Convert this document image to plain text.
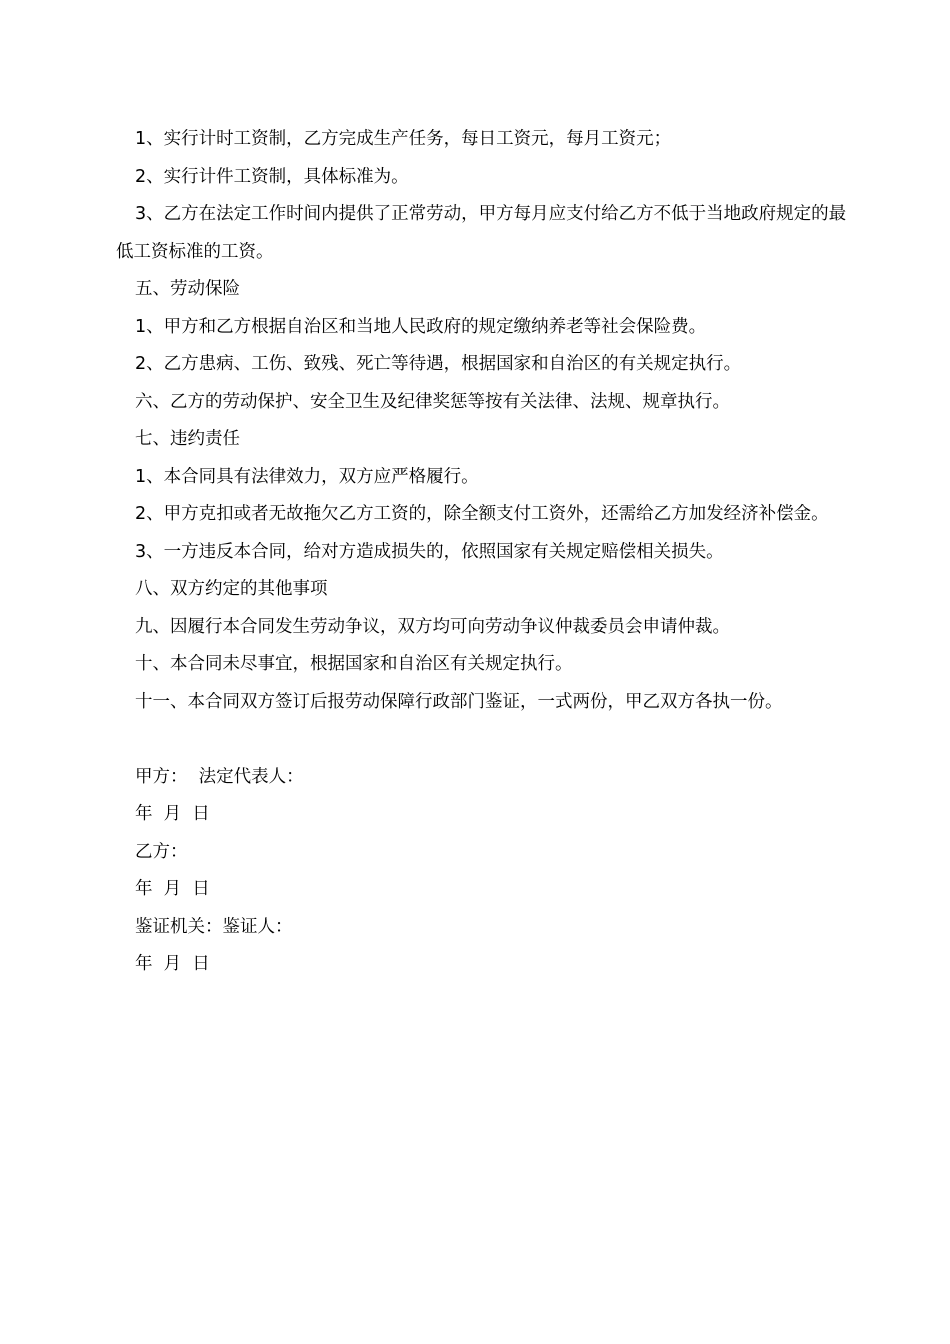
1、实行计时工资制，乙方完成生产任务，每日工资元，每月工资元；

2、实行计件工资制，具体标准为。

3、乙方在法定工作时间内提供了正常劳动，甲方每月应支付给乙方不低于当地政府规定的最低工资标准的工资。

五、劳动保险

1、甲方和乙方根据自治区和当地人民政府的规定缴纳养老等社会保险费。

2、乙方患病、工伤、致残、死亡等待遇，根据国家和自治区的有关规定执行。

六、乙方的劳动保护、安全卫生及纪律奖惩等按有关法律、法规、规章执行。

七、违约责任

1、本合同具有法律效力，双方应严格履行。

2、甲方克扣或者无故拖欠乙方工资的，除全额支付工资外，还需给乙方加发经济补偿金。

3、一方违反本合同，给对方造成损失的，依照国家有关规定赔偿相关损失。

八、双方约定的其他事项

九、因履行本合同发生劳动争议，双方均可向劳动争议仲裁委员会申请仲裁。

十、本合同未尽事宜，根据国家和自治区有关规定执行。

十一、本合同双方签订后报劳动保障行政部门鉴证，一式两份，甲乙双方各执一份。

甲方：  法定代表人：

年  月  日

乙方：

年  月  日

鉴证机关：鉴证人：

年  月  日
